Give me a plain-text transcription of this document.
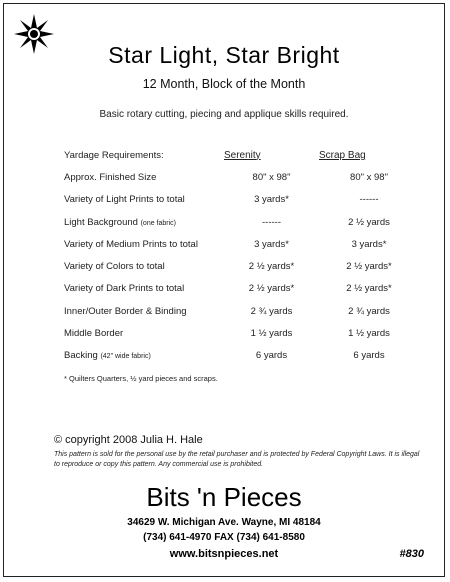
Star Light, Star Bright
12 Month, Block of the Month
Basic rotary cutting, piecing and applique skills required.
Yardage Requirements:	Serenity	Scrap Bag
Approx. Finished Size	80" x 98"	80" x 98"
Variety of Light Prints to total	3 yards*	------
Light Background (one fabric)	------	2 ½ yards
Variety of Medium Prints to total	3 yards*	3 yards*
Variety of Colors to total	2 ½ yards*	2 ½ yards*
Variety of Dark Prints to total	2 ½ yards*	2 ½ yards*
Inner/Outer Border & Binding	2 ¾ yards	2 ¾ yards
Middle Border	1 ½ yards	1 ½ yards
Backing (42" wide fabric)	6 yards	6 yards
* Quilters Quarters, ½ yard pieces and scraps.
© copyright 2008 Julia H. Hale
This pattern is sold for the personal use by the retail purchaser and is protected by Federal Copyright Laws. It is illegal to reproduce or copy this pattern. Any commercial use is prohibited.
Bits 'n Pieces
34629 W. Michigan Ave. Wayne, MI 48184
(734) 641-4970 FAX (734) 641-8580
www.bitsnpieces.net	#830
